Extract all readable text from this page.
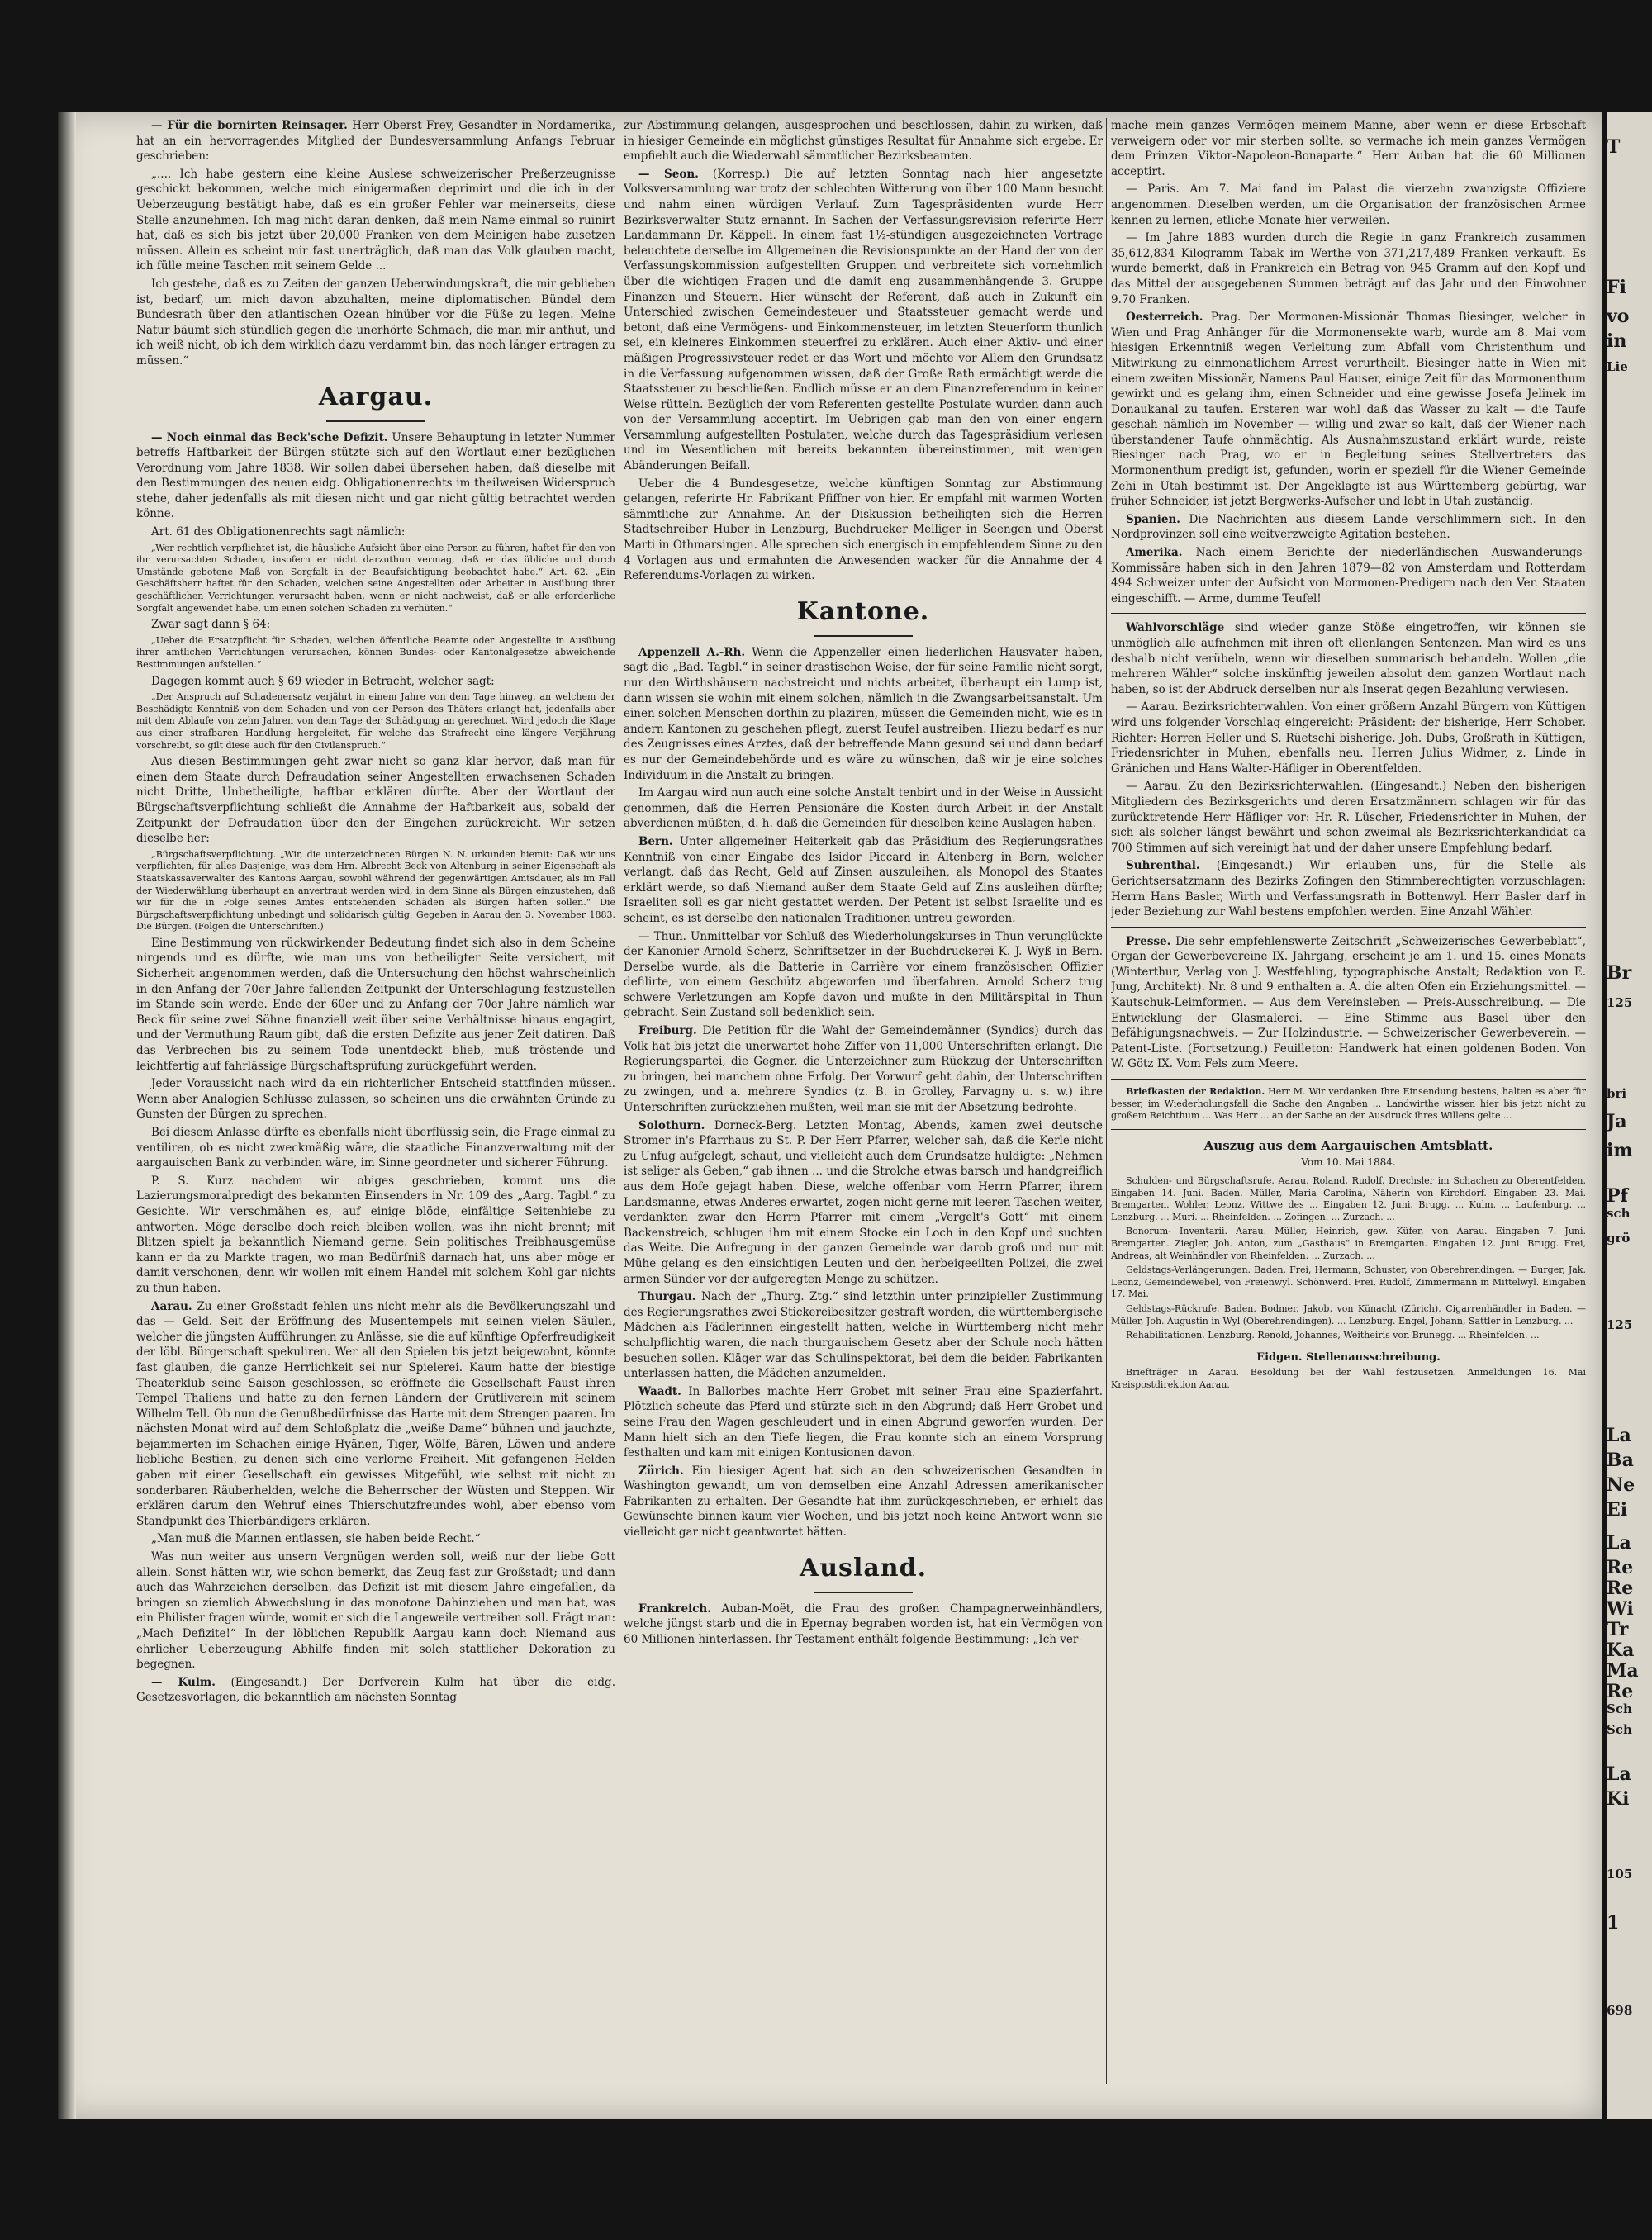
— Für die bornirten Reinsager. Herr Oberst Frey, Gesandter in Nordamerika, hat an ein hervorragendes Mitglied der Bundesversammlung Anfangs Februar geschrieben:

„.... Ich habe gestern eine kleine Auslese schweizerischer Preßerzeugnisse geschickt bekommen, welche mich einigermaßen deprimirt und die ich in der Ueberzeugung bestätigt habe, daß es ein großer Fehler war meinerseits, diese Stelle anzunehmen. Ich mag nicht daran denken, daß mein Name einmal so ruinirt hat, daß es sich bis jetzt über 20,000 Franken von dem Meinigen habe zusetzen müssen. Allein es scheint mir fast unerträglich, daß man das Volk glauben macht, ich fülle meine Taschen mit seinem Gelde ...

Ich gestehe, daß es zu Zeiten der ganzen Ueberwindungskraft, die mir geblieben ist, bedarf, um mich davon abzuhalten, meine diplomatischen Bündel dem Bundesrath über den atlantischen Ozean hinüber vor die Füße zu legen. Meine Natur bäumt sich stündlich gegen die unerhörte Schmach, die man mir anthut, und ich weiß nicht, ob ich dem wirklich dazu verdammt bin, das noch länger ertragen zu müssen.“

Aargau.

— Noch einmal das Beck'sche Defizit. Unsere Behauptung in letzter Nummer betreffs Haftbarkeit der Bürgen stützte sich auf den Wortlaut einer bezüglichen Verordnung vom Jahre 1838. Wir sollen dabei übersehen haben, daß dieselbe mit den Bestimmungen des neuen eidg. Obligationenrechts im theilweisen Widerspruch stehe, daher jedenfalls als mit diesen nicht und gar nicht gültig betrachtet werden könne.

Art. 61 des Obligationenrechts sagt nämlich:

„Wer rechtlich verpflichtet ist, die häusliche Aufsicht über eine Person zu führen, haftet für den von ihr verursachten Schaden, insofern er nicht darzuthun vermag, daß er das übliche und durch Umstände gebotene Maß von Sorgfalt in der Beaufsichtigung beobachtet habe.“ Art. 62. „Ein Geschäftsherr haftet für den Schaden, welchen seine Angestellten oder Arbeiter in Ausübung ihrer geschäftlichen Verrichtungen verursacht haben, wenn er nicht nachweist, daß er alle erforderliche Sorgfalt angewendet habe, um einen solchen Schaden zu verhüten.“

Zwar sagt dann § 64:

„Ueber die Ersatzpflicht für Schaden, welchen öffentliche Beamte oder Angestellte in Ausübung ihrer amtlichen Verrichtungen verursachen, können Bundes- oder Kantonalgesetze abweichende Bestimmungen aufstellen.“

Dagegen kommt auch § 69 wieder in Betracht, welcher sagt:

„Der Anspruch auf Schadenersatz verjährt in einem Jahre von dem Tage hinweg, an welchem der Beschädigte Kenntniß von dem Schaden und von der Person des Thäters erlangt hat, jedenfalls aber mit dem Ablaufe von zehn Jahren von dem Tage der Schädigung an gerechnet. Wird jedoch die Klage aus einer strafbaren Handlung hergeleitet, für welche das Strafrecht eine längere Verjährung vorschreibt, so gilt diese auch für den Civilanspruch.“

Aus diesen Bestimmungen geht zwar nicht so ganz klar hervor, daß man für einen dem Staate durch Defraudation seiner Angestellten erwachsenen Schaden nicht Dritte, Unbetheiligte, haftbar erklären dürfte. Aber der Wortlaut der Bürgschaftsverpflichtung schließt die Annahme der Haftbarkeit aus, sobald der Zeitpunkt der Defraudation über den der Eingehen zurückreicht. Wir setzen dieselbe her:

„Bürgschaftsverpflichtung. „Wir, die unterzeichneten Bürgen N. N. urkunden hiemit: Daß wir uns verpflichten, für alles Dasjenige, was dem Hrn. Albrecht Beck von Altenburg in seiner Eigenschaft als Staatskassaverwalter des Kantons Aargau, sowohl während der gegenwärtigen Amtsdauer, als im Fall der Wiederwählung überhaupt an anvertraut werden wird, in dem Sinne als Bürgen einzustehen, daß wir für die in Folge seines Amtes entstehenden Schäden als Bürgen haften sollen.“ Die Bürgschaftsverpflichtung unbedingt und solidarisch gültig. Gegeben in Aarau den 3. November 1883. Die Bürgen. (Folgen die Unterschriften.)

Eine Bestimmung von rückwirkender Bedeutung findet sich also in dem Scheine nirgends und es dürfte, wie man uns von betheiligter Seite versichert, mit Sicherheit angenommen werden, daß die Untersuchung den höchst wahrscheinlich in den Anfang der 70er Jahre fallenden Zeitpunkt der Unterschlagung festzustellen im Stande sein werde. Ende der 60er und zu Anfang der 70er Jahre nämlich war Beck für seine zwei Söhne finanziell weit über seine Verhältnisse hinaus engagirt, und der Vermuthung Raum gibt, daß die ersten Defizite aus jener Zeit datiren. Daß das Verbrechen bis zu seinem Tode unentdeckt blieb, muß tröstende und leichtfertig auf fahrlässige Bürgschaftsprüfung zurückgeführt werden.

Jeder Voraussicht nach wird da ein richterlicher Entscheid stattfinden müssen. Wenn aber Analogien Schlüsse zulassen, so scheinen uns die erwähnten Gründe zu Gunsten der Bürgen zu sprechen.

Bei diesem Anlasse dürfte es ebenfalls nicht überflüssig sein, die Frage einmal zu ventiliren, ob es nicht zweckmäßig wäre, die staatliche Finanzverwaltung mit der aargauischen Bank zu verbinden wäre, im Sinne geordneter und sicherer Führung.

P. S. Kurz nachdem wir obiges geschrieben, kommt uns die Lazierungsmoralpredigt des bekannten Einsenders in Nr. 109 des „Aarg. Tagbl.“ zu Gesichte. Wir verschmähen es, auf einige blöde, einfältige Seitenhiebe zu antworten. Möge derselbe doch reich bleiben wollen, was ihn nicht brennt; mit Blitzen spielt ja bekanntlich Niemand gerne. Sein politisches Treibhausgemüse kann er da zu Markte tragen, wo man Bedürfniß darnach hat, uns aber möge er damit verschonen, denn wir wollen mit einem Handel mit solchem Kohl gar nichts zu thun haben.

Aarau. Zu einer Großstadt fehlen uns nicht mehr als die Bevölkerungszahl und das — Geld. Seit der Eröffnung des Musentempels mit seinen vielen Säulen, welcher die jüngsten Aufführungen zu Anlässe, sie die auf künftige Opferfreudigkeit der löbl. Bürgerschaft spekuliren. Wer all den Spielen bis jetzt beigewohnt, könnte fast glauben, die ganze Herrlichkeit sei nur Spielerei. Kaum hatte der biestige Theaterklub seine Saison geschlossen, so eröffnete die Gesellschaft Faust ihren Tempel Thaliens und hatte zu den fernen Ländern der Grütliverein mit seinem Wilhelm Tell. Ob nun die Genußbedürfnisse das Harte mit dem Strengen paaren. Im nächsten Monat wird auf dem Schloßplatz die „weiße Dame“ bühnen und jauchzte, bejammerten im Schachen einige Hyänen, Tiger, Wölfe, Bären, Löwen und andere liebliche Bestien, zu denen sich eine verlorne Freiheit. Mit gefangenen Helden gaben mit einer Gesellschaft ein gewisses Mitgefühl, wie selbst mit nicht zu sonderbaren Räuberhelden, welche die Beherrscher der Wüsten und Steppen. Wir erklären darum den Wehruf eines Thierschutzfreundes wohl, aber ebenso vom Standpunkt des Thierbändigers erklären.

„Man muß die Mannen entlassen, sie haben beide Recht.“

Was nun weiter aus unsern Vergnügen werden soll, weiß nur der liebe Gott allein. Sonst hätten wir, wie schon bemerkt, das Zeug fast zur Großstadt; und dann auch das Wahrzeichen derselben, das Defizit ist mit diesem Jahre eingefallen, da bringen so ziemlich Abwechslung in das monotone Dahinziehen und man hat, was ein Philister fragen würde, womit er sich die Langeweile vertreiben soll. Frägt man: „Mach Defizite!“ In der löblichen Republik Aargau kann doch Niemand aus ehrlicher Ueberzeugung Abhilfe finden mit solch stattlicher Dekoration zu begegnen.

— Kulm. (Eingesandt.) Der Dorfverein Kulm hat über die eidg. Gesetzesvorlagen, die bekanntlich am nächsten Sonntag

zur Abstimmung gelangen, ausgesprochen und beschlossen, dahin zu wirken, daß in hiesiger Gemeinde ein möglichst günstiges Resultat für Annahme sich ergebe. Er empfiehlt auch die Wiederwahl sämmtlicher Bezirksbeamten.

— Seon. (Korresp.) Die auf letzten Sonntag nach hier angesetzte Volksversammlung war trotz der schlechten Witterung von über 100 Mann besucht und nahm einen würdigen Verlauf. Zum Tagespräsidenten wurde Herr Bezirksverwalter Stutz ernannt. In Sachen der Verfassungsrevision referirte Herr Landammann Dr. Käppeli. In einem fast 1½-stündigen ausgezeichneten Vortrage beleuchtete derselbe im Allgemeinen die Revisionspunkte an der Hand der von der Verfassungskommission aufgestellten Gruppen und verbreitete sich vornehmlich über die wichtigen Fragen und die damit eng zusammenhängende 3. Gruppe Finanzen und Steuern. Hier wünscht der Referent, daß auch in Zukunft ein Unterschied zwischen Gemeindesteuer und Staatssteuer gemacht werde und betont, daß eine Vermögens- und Einkommensteuer, im letzten Steuerform thunlich sei, ein kleineres Einkommen steuerfrei zu erklären. Auch einer Aktiv- und einer mäßigen Progressivsteuer redet er das Wort und möchte vor Allem den Grundsatz in die Verfassung aufgenommen wissen, daß der Große Rath ermächtigt werde die Staatssteuer zu beschließen. Endlich müsse er an dem Finanzreferendum in keiner Weise rütteln. Bezüglich der vom Referenten gestellte Postulate wurden dann auch von der Versammlung acceptirt. Im Uebrigen gab man den von einer engern Versammlung aufgestellten Postulaten, welche durch das Tagespräsidium verlesen und im Wesentlichen mit bereits bekannten übereinstimmen, mit wenigen Abänderungen Beifall.

Ueber die 4 Bundesgesetze, welche künftigen Sonntag zur Abstimmung gelangen, referirte Hr. Fabrikant Pfiffner von hier. Er empfahl mit warmen Worten sämmtliche zur Annahme. An der Diskussion betheiligten sich die Herren Stadtschreiber Huber in Lenzburg, Buchdrucker Melliger in Seengen und Oberst Marti in Othmarsingen. Alle sprechen sich energisch in empfehlendem Sinne zu den 4 Vorlagen aus und ermahnten die Anwesenden wacker für die Annahme der 4 Referendums-Vorlagen zu wirken.

Kantone.

Appenzell A.-Rh. Wenn die Appenzeller einen liederlichen Hausvater haben, sagt die „Bad. Tagbl.“ in seiner drastischen Weise, der für seine Familie nicht sorgt, nur den Wirthshäusern nachstreicht und nichts arbeitet, überhaupt ein Lump ist, dann wissen sie wohin mit einem solchen, nämlich in die Zwangsarbeitsanstalt. Um einen solchen Menschen dorthin zu plaziren, müssen die Gemeinden nicht, wie es in andern Kantonen zu geschehen pflegt, zuerst Teufel austreiben. Hiezu bedarf es nur des Zeugnisses eines Arztes, daß der betreffende Mann gesund sei und dann bedarf es nur der Gemeindebehörde und es wäre zu wünschen, daß wir je eine solches Individuum in die Anstalt zu bringen.

Im Aargau wird nun auch eine solche Anstalt tenbirt und in der Weise in Aussicht genommen, daß die Herren Pensionäre die Kosten durch Arbeit in der Anstalt abverdienen müßten, d. h. daß die Gemeinden für dieselben keine Auslagen haben.

Bern. Unter allgemeiner Heiterkeit gab das Präsidium des Regierungsrathes Kenntniß von einer Eingabe des Isidor Piccard in Altenberg in Bern, welcher verlangt, daß das Recht, Geld auf Zinsen auszuleihen, als Monopol des Staates erklärt werde, so daß Niemand außer dem Staate Geld auf Zins ausleihen dürfte; Israeliten soll es gar nicht gestattet werden. Der Petent ist selbst Israelite und es scheint, es ist derselbe den nationalen Traditionen untreu geworden.

— Thun. Unmittelbar vor Schluß des Wiederholungskurses in Thun verunglückte der Kanonier Arnold Scherz, Schriftsetzer in der Buchdruckerei K. J. Wyß in Bern. Derselbe wurde, als die Batterie in Carrière vor einem französischen Offizier defilirte, von einem Geschütz abgeworfen und überfahren. Arnold Scherz trug schwere Verletzungen am Kopfe davon und mußte in den Militärspital in Thun gebracht. Sein Zustand soll bedenklich sein.

Freiburg. Die Petition für die Wahl der Gemeindemänner (Syndics) durch das Volk hat bis jetzt die unerwartet hohe Ziffer von 11,000 Unterschriften erlangt. Die Regierungspartei, die Gegner, die Unterzeichner zum Rückzug der Unterschriften zu bringen, bei manchem ohne Erfolg. Der Vorwurf geht dahin, der Unterschriften zu zwingen, und a. mehrere Syndics (z. B. in Grolley, Farvagny u. s. w.) ihre Unterschriften zurückziehen mußten, weil man sie mit der Absetzung bedrohte.

Solothurn. Dorneck-Berg. Letzten Montag, Abends, kamen zwei deutsche Stromer in's Pfarrhaus zu St. P. Der Herr Pfarrer, welcher sah, daß die Kerle nicht zu Unfug aufgelegt, schaut, und vielleicht auch dem Grundsatze huldigte: „Nehmen ist seliger als Geben,“ gab ihnen ... und die Strolche etwas barsch und handgreiflich aus dem Hofe gejagt haben. Diese, welche offenbar vom Herrn Pfarrer, ihrem Landsmanne, etwas Anderes erwartet, zogen nicht gerne mit leeren Taschen weiter, verdankten zwar den Herrn Pfarrer mit einem „Vergelt's Gott“ mit einem Backenstreich, schlugen ihm mit einem Stocke ein Loch in den Kopf und suchten das Weite. Die Aufregung in der ganzen Gemeinde war darob groß und nur mit Mühe gelang es den einsichtigen Leuten und den herbeigeeilten Polizei, die zwei armen Sünder vor der aufgeregten Menge zu schützen.

Thurgau. Nach der „Thurg. Ztg.“ sind letzthin unter prinzipieller Zustimmung des Regierungsrathes zwei Stickereibesitzer gestraft worden, die württembergische Mädchen als Fädlerinnen eingestellt hatten, welche in Württemberg nicht mehr schulpflichtig waren, die nach thurgauischem Gesetz aber der Schule noch hätten besuchen sollen. Kläger war das Schulinspektorat, bei dem die beiden Fabrikanten unterlassen hatten, die Mädchen anzumelden.

Waadt. In Ballorbes machte Herr Grobet mit seiner Frau eine Spazierfahrt. Plötzlich scheute das Pferd und stürzte sich in den Abgrund; daß Herr Grobet und seine Frau den Wagen geschleudert und in einen Abgrund geworfen wurden. Der Mann hielt sich an den Tiefe liegen, die Frau konnte sich an einem Vorsprung festhalten und kam mit einigen Kontusionen davon.

Zürich. Ein hiesiger Agent hat sich an den schweizerischen Gesandten in Washington gewandt, um von demselben eine Anzahl Adressen amerikanischer Fabrikanten zu erhalten. Der Gesandte hat ihm zurückgeschrieben, er erhielt das Gewünschte binnen kaum vier Wochen, und bis jetzt noch keine Antwort wenn sie vielleicht gar nicht geantwortet hätten.

Ausland.

Frankreich. Auban-Moët, die Frau des großen Champagnerweinhändlers, welche jüngst starb und die in Epernay begraben worden ist, hat ein Vermögen von 60 Millionen hinterlassen. Ihr Testament enthält folgende Bestimmung: „Ich ver-

mache mein ganzes Vermögen meinem Manne, aber wenn er diese Erbschaft verweigern oder vor mir sterben sollte, so vermache ich mein ganzes Vermögen dem Prinzen Viktor-Napoleon-Bonaparte.“ Herr Auban hat die 60 Millionen acceptirt.

— Paris. Am 7. Mai fand im Palast die vierzehn zwanzigste Offiziere angenommen. Dieselben werden, um die Organisation der französischen Armee kennen zu lernen, etliche Monate hier verweilen.

— Im Jahre 1883 wurden durch die Regie in ganz Frankreich zusammen 35,612,834 Kilogramm Tabak im Werthe von 371,217,489 Franken verkauft. Es wurde bemerkt, daß in Frankreich ein Betrag von 945 Gramm auf den Kopf und das Mittel der ausgegebenen Summen beträgt auf das Jahr und den Einwohner 9.70 Franken.

Oesterreich. Prag. Der Mormonen-Missionär Thomas Biesinger, welcher in Wien und Prag Anhänger für die Mormonensekte warb, wurde am 8. Mai vom hiesigen Erkenntniß wegen Verleitung zum Abfall vom Christenthum und Mitwirkung zu einmonatlichem Arrest verurtheilt. Biesinger hatte in Wien mit einem zweiten Missionär, Namens Paul Hauser, einige Zeit für das Mormonenthum gewirkt und es gelang ihm, einen Schneider und eine gewisse Josefa Jelinek im Donaukanal zu taufen. Ersteren war wohl daß das Wasser zu kalt — die Taufe geschah nämlich im November — willig und zwar so kalt, daß der Wiener nach überstandener Taufe ohnmächtig. Als Ausnahmszustand erklärt wurde, reiste Biesinger nach Prag, wo er in Begleitung seines Stellvertreters das Mormonenthum predigt ist, gefunden, worin er speziell für die Wiener Gemeinde Zehi in Utah bestimmt ist. Der Angeklagte ist aus Württemberg gebürtig, war früher Schneider, ist jetzt Bergwerks-Aufseher und lebt in Utah zuständig.

Spanien. Die Nachrichten aus diesem Lande verschlimmern sich. In den Nordprovinzen soll eine weitverzweigte Agitation bestehen.

Amerika. Nach einem Berichte der niederländischen Auswanderungs-Kommissäre haben sich in den Jahren 1879—82 von Amsterdam und Rotterdam 494 Schweizer unter der Aufsicht von Mormonen-Predigern nach den Ver. Staaten eingeschifft. — Arme, dumme Teufel!

Wahlvorschläge sind wieder ganze Stöße eingetroffen, wir können sie unmöglich alle aufnehmen mit ihren oft ellenlangen Sentenzen. Man wird es uns deshalb nicht verübeln, wenn wir dieselben summarisch behandeln. Wollen „die mehreren Wähler“ solche inskünftig jeweilen absolut dem ganzen Wortlaut nach haben, so ist der Abdruck derselben nur als Inserat gegen Bezahlung verwiesen.

— Aarau. Bezirksrichterwahlen. Von einer größern Anzahl Bürgern von Küttigen wird uns folgender Vorschlag eingereicht: Präsident: der bisherige, Herr Schober. Richter: Herren Heller und S. Rüetschi bisherige. Joh. Dubs, Großrath in Küttigen, Friedensrichter in Muhen, ebenfalls neu. Herren Julius Widmer, z. Linde in Gränichen und Hans Walter-Häfliger in Oberentfelden.

— Aarau. Zu den Bezirksrichterwahlen. (Eingesandt.) Neben den bisherigen Mitgliedern des Bezirksgerichts und deren Ersatzmännern schlagen wir für das zurücktretende Herr Häfliger vor: Hr. R. Lüscher, Friedensrichter in Muhen, der sich als solcher längst bewährt und schon zweimal als Bezirksrichterkandidat ca 700 Stimmen auf sich vereinigt hat und der daher unsere Empfehlung bedarf.

Suhrenthal. (Eingesandt.) Wir erlauben uns, für die Stelle als Gerichtsersatzmann des Bezirks Zofingen den Stimmberechtigten vorzuschlagen: Herrn Hans Basler, Wirth und Verfassungsrath in Bottenwyl. Herr Basler darf in jeder Beziehung zur Wahl bestens empfohlen werden. Eine Anzahl Wähler.

Presse. Die sehr empfehlenswerte Zeitschrift „Schweizerisches Gewerbeblatt“, Organ der Gewerbevereine IX. Jahrgang, erscheint je am 1. und 15. eines Monats (Winterthur, Verlag von J. Westfehling, typographische Anstalt; Redaktion von E. Jung, Architekt). Nr. 8 und 9 enthalten a. A. die alten Ofen ein Erziehungsmittel. — Kautschuk-Leimformen. — Aus dem Vereinsleben — Preis-Ausschreibung. — Die Entwicklung der Glasmalerei. — Eine Stimme aus Basel über den Befähigungsnachweis. — Zur Holzindustrie. — Schweizerischer Gewerbeverein. — Patent-Liste. (Fortsetzung.) Feuilleton: Handwerk hat einen goldenen Boden. Von W. Götz IX. Vom Fels zum Meere.

Briefkasten der Redaktion. Herr M. Wir verdanken Ihre Einsendung bestens, halten es aber für besser, im Wiederholungsfall die Sache den Angaben ... Landwirthe wissen hier bis jetzt nicht zu großem Reichthum ... Was Herr ... an der Sache an der Ausdruck ihres Willens gelte ...

Auszug aus dem Aargauischen Amtsblatt.
Vom 10. Mai 1884.

Schulden- und Bürgschaftsrufe. Aarau. Roland, Rudolf, Drechsler im Schachen zu Oberentfelden. Eingaben 14. Juni. Baden. Müller, Maria Carolina, Näherin von Kirchdorf. Eingaben 23. Mai. Bremgarten. Wohler, Leonz, Wittwe des ... Eingaben 12. Juni. Brugg. ... Kulm. ... Laufenburg. ... Lenzburg. ... Muri. ... Rheinfelden. ... Zofingen. ... Zurzach. ...

Bonorum- Inventarii. Aarau. Müller, Heinrich, gew. Küfer, von Aarau. Eingaben 7. Juni. Bremgarten. Ziegler, Joh. Anton, zum „Gasthaus“ in Bremgarten. Eingaben 12. Juni. Brugg. Frei, Andreas, alt Weinhändler von Rheinfelden. ... Zurzach. ...

Geldstags-Verlängerungen. Baden. Frei, Hermann, Schuster, von Oberehrendingen. — Burger, Jak. Leonz, Gemeindewebel, von Freienwyl. Schönwerd. Frei, Rudolf, Zimmermann in Mittelwyl. Eingaben 17. Mai.

Geldstags-Rückrufe. Baden. Bodmer, Jakob, von Künacht (Zürich), Cigarrenhändler in Baden. — Müller, Joh. Augustin in Wyl (Oberehrendingen). ... Lenzburg. Engel, Johann, Sattler in Lenzburg. ...

Rehabilitationen. Lenzburg. Renold, Johannes, Weitheiris von Brunegg. ... Rheinfelden. ...

Eidgen. Stellenausschreibung.

Briefträger in Aarau. Besoldung bei der Wahl festzusetzen. Anmeldungen 16. Mai Kreispostdirektion Aarau.

T
Fi
vo
in
Lie
Br
125
bri
Ja
im
Pf
sch
grö
125
La
Ba
Ne
Ei
La
Re
Re
Wi
Tr
Ka
Ma
Re
Sch
Sch
La
Ki
105
1
698
